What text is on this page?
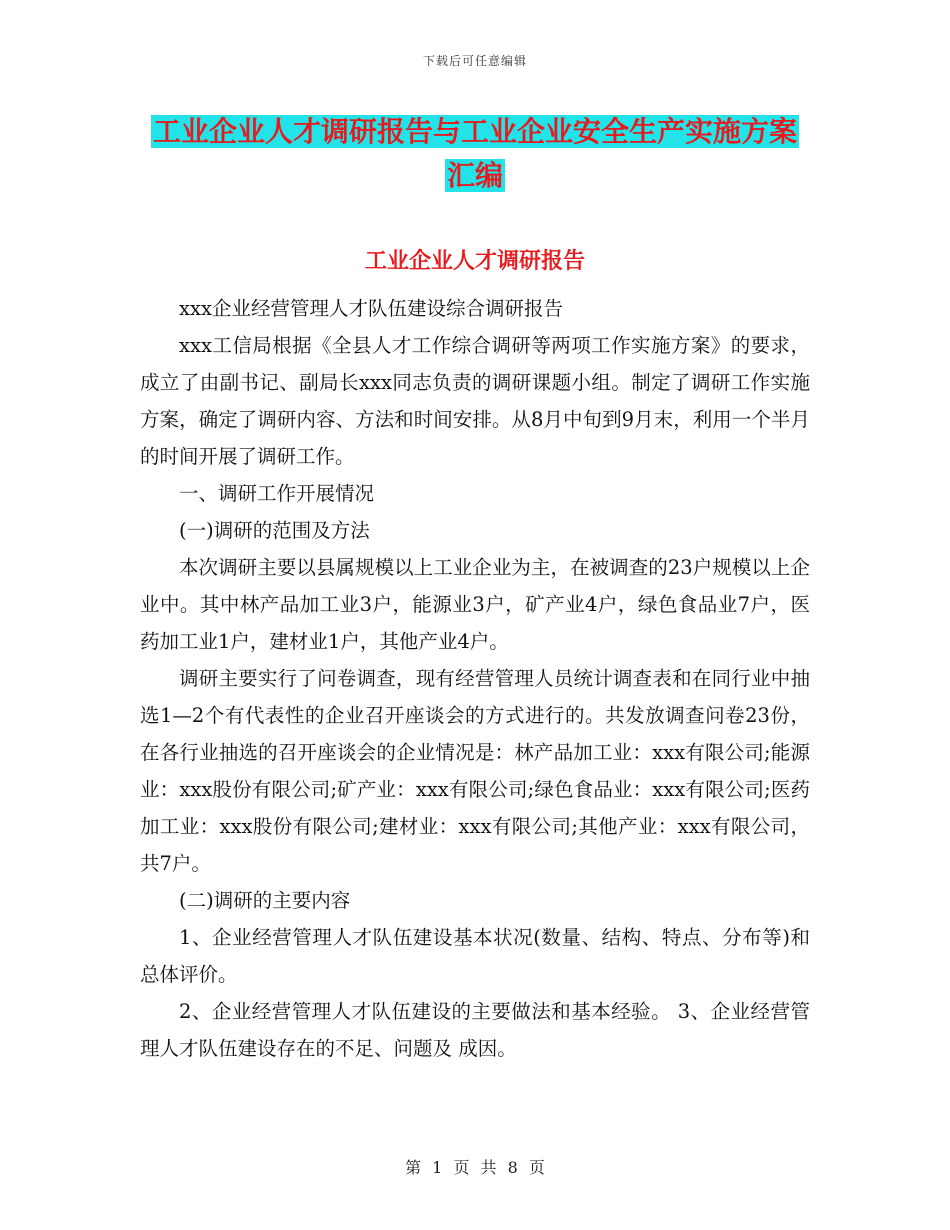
下载后可任意编辑
工业企业人才调研报告与工业企业安全生产实施方案
汇编
工业企业人才调研报告

xxx企业经营管理人才队伍建设综合调研报告

xxx工信局根据《全县人才工作综合调研等两项工作实施方案》的要求，成立了由副书记、副局长xxx同志负责的调研课题小组。制定了调研工作实施方案，确定了调研内容、方法和时间安排。从8月中旬到9月末，利用一个半月的时间开展了调研工作。

一、调研工作开展情况

(一)调研的范围及方法

本次调研主要以县属规模以上工业企业为主，在被调查的23户规模以上企业中。其中林产品加工业3户，能源业3户，矿产业4户，绿色食品业7户，医药加工业1户，建材业1户，其他产业4户。

调研主要实行了问卷调查，现有经营管理人员统计调查表和在同行业中抽选1—2个有代表性的企业召开座谈会的方式进行的。共发放调查问卷23份，在各行业抽选的召开座谈会的企业情况是：林产品加工业：xxx有限公司;能源业：xxx股份有限公司;矿产业：xxx有限公司;绿色食品业：xxx有限公司;医药加工业：xxx股份有限公司;建材业：xxx有限公司;其他产业：xxx有限公司，共7户。

(二)调研的主要内容

1、企业经营管理人才队伍建设基本状况(数量、结构、特点、分布等)和总体评价。

2、企业经营管理人才队伍建设的主要做法和基本经验。 3、企业经营管理人才队伍建设存在的不足、问题及 成因。

第 1 页 共 8 页
